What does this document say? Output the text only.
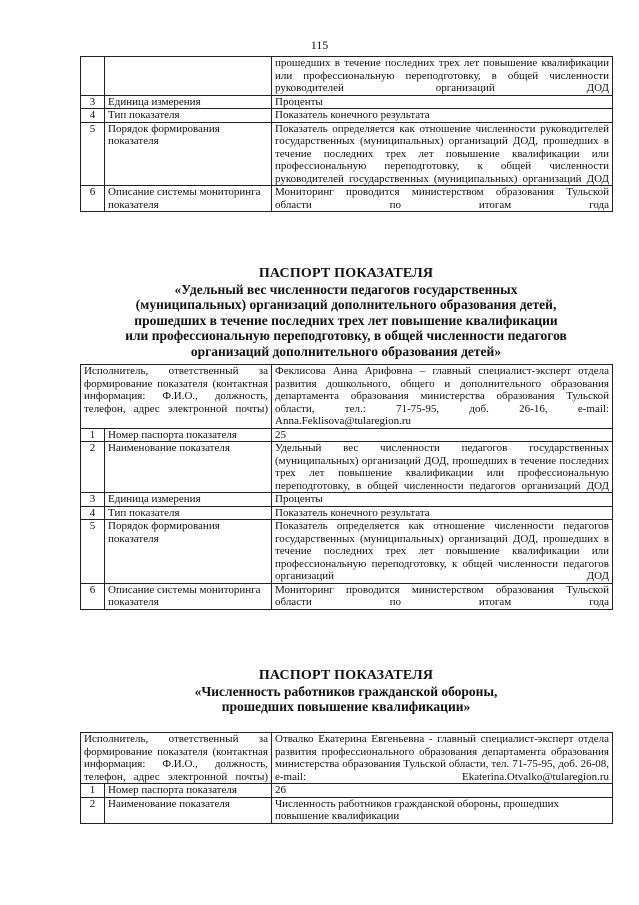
115
		прошедших в течение последних трех лет повышение квалификации или профессиональную переподготовку, в общей численности руководителей организаций ДОД
3	Единица измерения	Проценты
4	Тип показателя	Показатель конечного результата
5	Порядок формирования показателя	Показатель определяется как отношение численности руководителей государственных (муниципальных) организаций ДОД, прошедших в течение последних трех лет повышение квалификации или профессиональную переподготовку, к общей численности руководителей государственных (муниципальных) организаций ДОД
6	Описание системы мониторинга показателя	Мониторинг проводится министерством образования Тульской области по итогам года
ПАСПОРТ ПОКАЗАТЕЛЯ
«Удельный вес численности педагогов государственных
(муниципальных) организаций дополнительного образования детей,
прошедших в течение последних трех лет повышение квалификации
или профессиональную переподготовку, в общей численности педагогов
организаций дополнительного образования детей»
Исполнитель, ответственный за формирование показателя (контактная информация: Ф.И.О., должность, телефон, адрес электронной почты)		Феклисова Анна Арифовна – главный специалист-эксперт отдела развития дошкольного, общего и дополнительного образования департамента образования министерства образования Тульской области, тел.: 71-75-95, доб. 26-16, e-mail: Anna.Feklisova@tularegion.ru
1	Номер паспорта показателя	25
2	Наименование показателя	Удельный вес численности педагогов государственных (муниципальных) организаций ДОД, прошедших в течение последних трех лет повышение квалификации или профессиональную переподготовку, в общей численности педагогов организаций ДОД
3	Единица измерения	Проценты
4	Тип показателя	Показатель конечного результата
5	Порядок формирования показателя	Показатель определяется как отношение численности педагогов государственных (муниципальных) организаций ДОД, прошедших в течение последних трех лет повышение квалификации или профессиональную переподготовку, к общей численности педагогов организаций ДОД
6	Описание системы мониторинга показателя	Мониторинг проводится министерством образования Тульской области по итогам года
ПАСПОРТ ПОКАЗАТЕЛЯ
«Численность работников гражданской обороны,
прошедших повышение квалификации»
Исполнитель, ответственный за формирование показателя (контактная информация: Ф.И.О., должность, телефон, адрес электронной почты)		Отвалко Екатерина Евгеньевна - главный специалист-эксперт отдела развития профессионального образования департамента образования министерства образования Тульской области, тел. 71-75-95, доб. 26-08, e-mail: Ekaterina.Otvalko@tularegion.ru
1	Номер паспорта показателя	26
2	Наименование показателя	Численность работников гражданской обороны, прошедших повышение квалификации
